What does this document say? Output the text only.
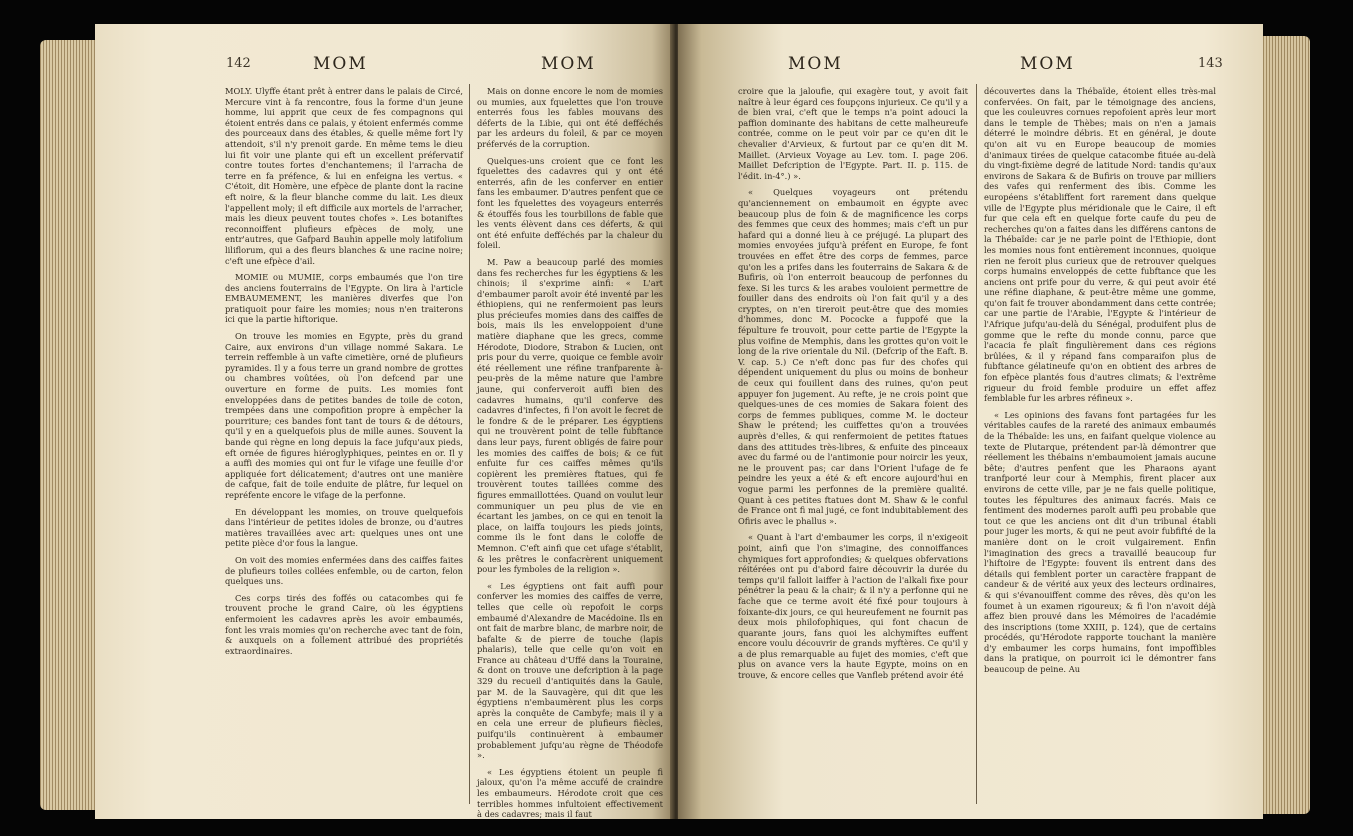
142	MOM	MOM

MOLY. Ulyffe étant prêt à entrer dans le palais de Circé, Mercure vint à fa rencontre, fous la forme d'un jeune homme, lui apprit que ceux de fes compagnons qui étoient entrés dans ce palais, y étoient enfermés comme des pourceaux dans des étables, & quelle même fort l'y attendoit, s'il n'y prenoit garde. En même tems le dieu lui fit voir une plante qui eft un excellent préfervatif contre toutes fortes d'enchantemens; il l'arracha de terre en fa préfence, & lui en enfeigna les vertus. « C'étoit, dit Homère, une efpèce de plante dont la racine eft noire, & la fleur blanche comme du lait. Les dieux l'appellent moly; il eft difficile aux mortels de l'arracher, mais les dieux peuvent toutes chofes ». Les botaniftes reconnoiffent plufieurs efpèces de moly, une entr'autres, que Gafpard Bauhin appelle moly latifolium liliflorum, qui a des fleurs blanches & une racine noire; c'eft une efpèce d'ail.

MOMIE ou MUMIE, corps embaumés que l'on tire des anciens fouterrains de l'Egypte. On lira à l'article EMBAUMEMENT, les manières diverfes que l'on pratiquoit pour faire les momies; nous n'en traiterons ici que la partie hiftorique.

On trouve les momies en Egypte, près du grand Caire, aux environs d'un village nommé Sakara. Le terrein reffemble à un vafte cimetière, orné de plufieurs pyramides. Il y a fous terre un grand nombre de grottes ou chambres voûtées, où l'on defcend par une ouverture en forme de puits. Les momies font enveloppées dans de petites bandes de toile de coton, trempées dans une compofition propre à empêcher la pourriture; ces bandes font tant de tours & de détours, qu'il y en a quelquefois plus de mille aunes. Souvent la bande qui règne en long depuis la face jufqu'aux pieds, eft ornée de figures hiéroglyphiques, peintes en or. Il y a auffi des momies qui ont fur le vifage une feuille d'or appliquée fort délicatement; d'autres ont une manière de cafque, fait de toile enduite de plâtre, fur lequel on repréfente encore le vifage de la perfonne.

En développant les momies, on trouve quelquefois dans l'intérieur de petites idoles de bronze, ou d'autres matières travaillées avec art: quelques unes ont une petite pièce d'or fous la langue.

On voit des momies enfermées dans des caiffes faites de plufieurs toiles collées enfemble, ou de carton, felon quelques uns.

Ces corps tirés des foffés ou catacombes qui fe trouvent proche le grand Caire, où les égyptiens enfermoient les cadavres après les avoir embaumés, font les vrais momies qu'on recherche avec tant de foin, & auxquels on a follement attribué des propriétés extraordinaires.

Mais on donne encore le nom de momies ou mumies, aux fquelettes que l'on trouve enterrés fous les fables mouvans des déferts de la Libie, qui ont été defféchés par les ardeurs du foleil, & par ce moyen préfervés de la corruption.

Quelques-uns croient que ce font les fquelettes des cadavres qui y ont été enterrés, afin de les conferver en entier fans les embaumer. D'autres penfent que ce font les fquelettes des voyageurs enterrés & étouffés fous les tourbillons de fable que les vents élèvent dans ces déferts, & qui ont été enfuite defféchés par la chaleur du foleil.

M. Paw a beaucoup parlé des momies dans fes recherches fur les égyptiens & les chinois; il s'exprime ainfi: « L'art d'embaumer paroît avoir été inventé par les éthiopiens, qui ne renfermoient pas leurs plus précieufes momies dans des caiffes de bois, mais ils les enveloppoient d'une matière diaphane que les grecs, comme Hérodote, Diodore, Strabon & Lucien, ont pris pour du verre, quoique ce femble avoir été réellement une réfine tranfparente à-peu-près de la même nature que l'ambre jaune, qui conferveroit auffi bien des cadavres humains, qu'il conferve des cadavres d'infectes, fi l'on avoit le fecret de le fondre & de le préparer. Les égyptiens qui ne trouvèrent point de telle fubftance dans leur pays, furent obligés de faire pour les momies des caiffes de bois; & ce fut enfuite fur ces caiffes mêmes qu'ils copièrent les premières ftatues, qui fe trouvèrent toutes taillées comme des figures emmaillottées. Quand on voulut leur communiquer un peu plus de vie en écartant les jambes, on ce qui en tenoit la place, on laiffa toujours les pieds joints, comme ils le font dans le coloffe de Memnon. C'eft ainfi que cet ufage s'établit, & les prêtres le confacrèrent uniquement pour les fymboles de la religion ».

« Les égyptiens ont fait auffi pour conferver les momies des caiffes de verre, telles que celle où repofoit le corps embaumé d'Alexandre de Macédoine. Ils en ont fait de marbre blanc, de marbre noir, de bafalte & de pierre de touche (lapis phalaris), telle que celle qu'on voit en France au château d'Uffé dans la Touraine, & dont on trouve une defcription à la page 329 du recueil d'antiquités dans la Gaule, par M. de la Sauvagère, qui dit que les égyptiens n'embaumèrent plus les corps après la conquête de Cambyfe; mais il y a en cela une erreur de plufieurs fiècles, puifqu'ils continuèrent à embaumer probablement jufqu'au règne de Théodofe ».

« Les égyptiens étoient un peuple fi jaloux, qu'on l'a même accufé de craindre les embaumeurs. Hérodote croit que ces terribles hommes infultoient effectivement à des cadavres; mais il faut

MOM	MOM	143

croire que la jaloufie, qui exagère tout, y avoit fait naître à leur égard ces foupçons injurieux. Ce qu'il y a de bien vrai, c'eft que le temps n'a point adouci la paffion dominante des habitans de cette malheureufe contrée, comme on le peut voir par ce qu'en dit le chevalier d'Arvieux, & furtout par ce qu'en dit M. Maillet. (Arvieux Voyage au Lev. tom. I. page 206. Maillet Defcription de l'Egypte. Part. II. p. 115. de l'édit. in-4°.) ».

« Quelques voyageurs ont prétendu qu'anciennement on embaumoit en égypte avec beaucoup plus de foin & de magnificence les corps des femmes que ceux des hommes; mais c'eft un pur hafard qui a donné lieu à ce préjugé. La plupart des momies envoyées jufqu'à préfent en Europe, fe font trouvées en effet être des corps de femmes, parce qu'on les a prifes dans les fouterrains de Sakara & de Bufiris, où l'on enterroit beaucoup de perfonnes du fexe. Si les turcs & les arabes vouloient permettre de fouiller dans des endroits où l'on fait qu'il y a des cryptes, on n'en tireroit peut-être que des momies d'hommes, donc M. Pococke a fuppofé que la fépulture fe trouvoit, pour cette partie de l'Egypte la plus voifine de Memphis, dans les grottes qu'on voit le long de la rive orientale du Nil. (Defcrip of the Eaft. B. V. cap. 5.) Ce n'eft donc pas fur des chofes qui dépendent uniquement du plus ou moins de bonheur de ceux qui fouillent dans des ruines, qu'on peut appuyer fon jugement. Au refte, je ne crois point que quelques-unes de ces momies de Sakara foient des corps de femmes publiques, comme M. le docteur Shaw le prétend; les cuiffettes qu'on a trouvées auprès d'elles, & qui renfermoient de petites ftatues dans des attitudes très-libres, & enfuite des pinceaux avec du farmé ou de l'antimonie pour noircir les yeux, ne le prouvent pas; car dans l'Orient l'ufage de fe peindre les yeux a été & eft encore aujourd'hui en vogue parmi les perfonnes de la première qualité. Quant à ces petites ftatues dont M. Shaw & le conful de France ont fi mal jugé, ce font indubitablement des Ofiris avec le phallus ».

« Quant à l'art d'embaumer les corps, il n'exigeoit point, ainfi que l'on s'imagine, des connoiffances chymiques fort approfondies; & quelques obfervations réitérées ont pu d'abord faire découvrir la durée du temps qu'il falloit laiffer à l'action de l'alkali fixe pour pénétrer la peau & la chair; & il n'y a perfonne qui ne fache que ce terme avoit été fixé pour toujours à foixante-dix jours, ce qui heureufement ne fournit pas deux mois philofophiques, qui font chacun de quarante jours, fans quoi les alchymiftes euffent encore voulu découvrir de grands myftères. Ce qu'il y a de plus remarquable au fujet des momies, c'eft que plus on avance vers la haute Egypte, moins on en trouve, & encore celles que Vanfleb prétend avoir été

découvertes dans la Thébaïde, étoient elles très-mal confervées. On fait, par le témoignage des anciens, que les couleuvres cornues repofoient après leur mort dans le temple de Thèbes; mais on n'en a jamais déterré le moindre débris. Et en général, je doute qu'on ait vu en Europe beaucoup de momies d'animaux tirées de quelque catacombe fituée au-delà du vingt-fixième degré de latitude Nord: tandis qu'aux environs de Sakara & de Bufiris on trouve par milliers des vafes qui renferment des ibis. Comme les européens s'établiffent fort rarement dans quelque ville de l'Egypte plus méridionale que le Caire, il eft fur que cela eft en quelque forte caufe du peu de recherches qu'on a faites dans les différens cantons de la Thébaïde: car je ne parle point de l'Ethiopie, dont les momies nous font entièrement inconnues, quoique rien ne feroit plus curieux que de retrouver quelques corps humains enveloppés de cette fubftance que les anciens ont prife pour du verre, & qui peut avoir été une réfine diaphane, & peut-être même une gomme, qu'on fait fe trouver abondamment dans cette contrée; car une partie de l'Arabie, l'Egypte & l'intérieur de l'Afrique jufqu'au-delà du Sénégal, produifent plus de gomme que le refte du monde connu, parce que l'acacia fe plaît fingulièrement dans ces régions brûlées, & il y répand fans comparaifon plus de fubftance gélatineufe qu'on en obtient des arbres de fon efpèce plantés fous d'autres climats; & l'extrême rigueur du froid femble produire un effet affez femblable fur les arbres réfineux ».

« Les opinions des favans font partagées fur les véritables caufes de la rareté des animaux embaumés de la Thébaïde: les uns, en faifant quelque violence au texte de Plutarque, prétendent par-là démontrer que réellement les thébains n'embaumoient jamais aucune bête; d'autres penfent que les Pharaons ayant tranfporté leur cour à Memphis, firent placer aux environs de cette ville, par je ne fais quelle politique, toutes les fépultures des animaux facrés. Mais ce fentiment des modernes paroît auffi peu probable que tout ce que les anciens ont dit d'un tribunal établi pour juger les morts, & qui ne peut avoir fubfifté de la manière dont on le croit vulgairement. Enfin l'imagination des grecs a travaillé beaucoup fur l'hiftoire de l'Egypte: fouvent ils entrent dans des détails qui femblent porter un caractère frappant de candeur & de vérité aux yeux des lecteurs ordinaires, & qui s'évanouiffent comme des rêves, dès qu'on les foumet à un examen rigoureux; & fi l'on n'avoit déjà affez bien prouvé dans les Mémoires de l'académie des inscriptions (tome XXIII, p. 124), que de certains procédés, qu'Hérodote rapporte touchant la manière d'y embaumer les corps humains, font impoffibles dans la pratique, on pourroit ici le démontrer fans beaucoup de peine. Au
